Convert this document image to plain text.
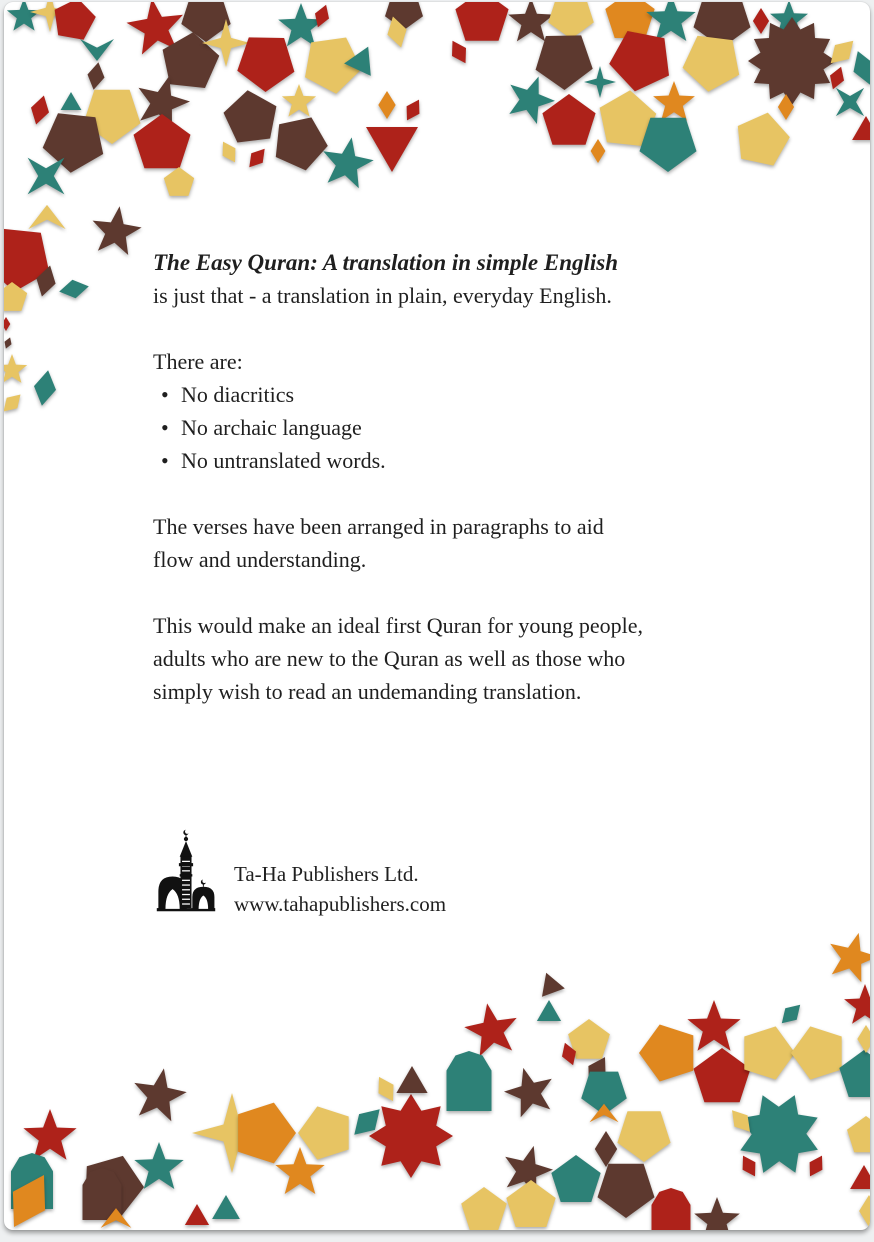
The Easy Quran: A translation in simple English

is just that - a translation in plain, everyday English.

There are:

• No diacritics
• No archaic language
• No untranslated words.
The verses have been arranged in paragraphs to aid
flow and understanding.
This would make an ideal first Quran for young people,
adults who are new to the Quran as well as those who
simply wish to read an undemanding translation.
Ta-Ha Publishers Ltd.
www.tahapublishers.com
